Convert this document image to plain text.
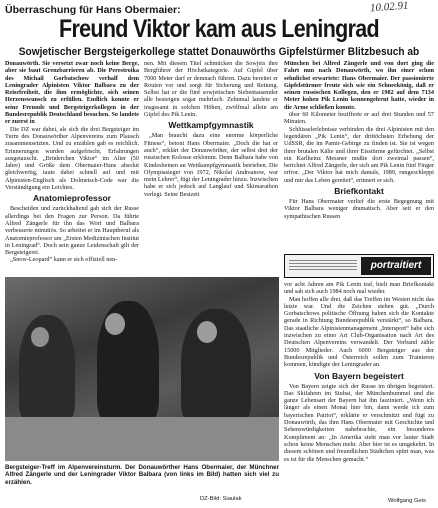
Überraschung für Hans Obermaier:	10.02.91
Freund Viktor kam aus Leningrad
Sowjetischer Bergsteigerkollege stattet Donauwörths Gipfelstürmer Blitzbesuch ab

Donauwörth. Sie versetzt zwar noch keine Berge, aber sie baut Grenzbarrieren ab. Die Perestroika des Michail Gorbatschow verhalf dem Leningrader Alpinisten Viktor Balbara zu der Reisefreiheit, die ihm ermöglichte, sich seinen Herzenswunsch zu erfüllen. Endlich konnte er seine Freunde und Bergsteigerkollegen in der Bundesrepublik Deutschland besuchen. So landete er zuerst in

Die DZ war dabei, als sich die drei Bergsteiger im Turm des Donauwörther Alpenvereins zum Plausch zusammensetzten. Und zu erzählen gab es reichlich. Erinnerungen wurden aufgefrischt, Erfahrungen ausgetauscht. „Brüderchen Viktor“ im Alter (50 Jahre) und Größe dem Obermaier-Hans absolut gleichwertig, taute dabei schnell auf und mit Alpinisten-Englisch als Dolmetsch-Code war die Verständigung ein Leichtes.

Anatomieprofessor

Bescheiden und zurückhaltend gab sich der Russe allerdings bei den Fragen zur Person. Da führte Alfred Zängerle für ihn das Wort und Balbara verbesserte minutiös. So arbeitet er im Hauptberuf als Anatomieprofessor am „Ersten Medizinischen Institut in Leningrad“. Doch sein ganze Leidenschaft gilt der Bergsteigerei.

„Snow-Leopard“ kann er sich offiziell nen-

nen. Mit diesem Titel schmücken die Sowjets ihre Bergführer der Höchstkategorie. Auf Gipfel über 7000 Meter darf er demnach führen. Dazu bereitet er Routen vor und sorgt für Sicherung und Rettung. Selbst hat er die fünf sowjetischen Siebentausender alle besteigen sogar mehrfach. Zehnmal landete er insgesamt in solchen Höhen, zwölfmal allein am Gipfel des Pik Lenin.

Wettkampfgymnastik

„Man braucht dazu eine enorme körperliche Fitness“, betont Hans Obermaier. „Doch die hat er auch“, erklärt der Donauwörther, der selbst drei der russischen Kolosse erklomm. Denn Balbara habe von Kindesbeinen an Wettkampfgymnastik betrieben. Die Olympiasieger von 1972, Nikolai Andreanow, war mein Lehrer“, fügt der Leningrader hinzu. Inzwischen habe er sich jedoch auf Langlauf und Skimarathon verlegt. Seine Bestzeit

München bei Alfred Zängerle und von dort ging die Fahrt nun nach Donauwörth, wo ihn einer schon sehnlichst erwartete: Hans Obermaier. Der passionierte Gipfelstürmer freute sich wie ein Schneekönig, daß er seinen russischen Kollegen, den er 1982 auf dem 7134 Meter hohen Pik Lenin kennengelernt hatte, wieder in die Arme schließen konnte.

über 60 Kilometer bezifferte er auf drei Stunden und 57 Minuten.

Schlüsselerlebnisse verbinden die drei Alpinisten mit den legendären „Pik Lenin“, der drittöchsten Erhebung der UdSSR, die im Pamir-Gebirge zu finden ist. Sie ist wegen ihrer brutalen Kälte und ihrer Eisstürme gefürchtet. „Selbst ein Karlheinz Messner mußte dort zweimal passen“, berichtet Alfred Zängerle, der sich am Pik Lenin fünf Finger erfror. „Der Viktor hat mich damals, 1989, rungeschleppt und mir das Leben gerettet“, erinnert er sich.

Briefkontakt

Für Hans Obermaier verlief die erste Begegnung mit Viktor Balbara weniger dramatisch. Aber seit er den sympathischen Russen

portraitiert

vor acht Jahren am Pik Lenin traf, hielt man Briefkontakt und sah sich auch 1984 noch mal wieder.

Man hoffen alle drei, daß das Treffen im Westen nicht das letzte war. Und die Zeichen stehen gut. „Durch Gorbatschows politische Öffnung haben sich die Kontakte gerade in Richtung Bundesrepublik verstärkt“, so Balbara. Das staatliche Alpinistenmanagement „Intersport“ habe sich inzwischen zu einer Art Club-Organisation nach Art des Deutschen Alpenvereins verwandelt. Der Verband zähle 15000 Mitglieder. Auch 6000 Bergsteiger aus der Bundesrepublik und Österreich sollen zum Trainieren kommen, kündigte der Leningrader an.

Von Bayern begeistert

Von Bayern zeigte sich der Russe im übrigen begeistert. Das Skifahren im Stubai, der Münchenbummel und die ganze Lebensart der Bayern hat ihn fasziniert. „Wenn ich länger als einen Monat hier bin, dann werde ich zum bayerischen Patriot“, erklärte er verschmitzt und fügt zu Donauwörth, das ihm Hans Obermaier mit Geschichte und Sehenswürdigkeiten nahebrachte, ein besonderes Kompliment an: „In Amerika sieht man vor lauter Stadt schon keine Menschen mehr. Aber hier ist es umgekehrt. In diesem schönen und freundlichen Städtchen spürt man, was es ist für die Menschen gemacht.“

Bergsteiger-Treff im Alpenvereinsturm. Der Donauwörther Hans Obermaier, der Münchner Alfred Zängerle und der Leningrader Viktor Balbara (von links im Bild) hatten sich viel zu erzählen.
DZ-Bild: Siaulak	Wolfgang Geis
